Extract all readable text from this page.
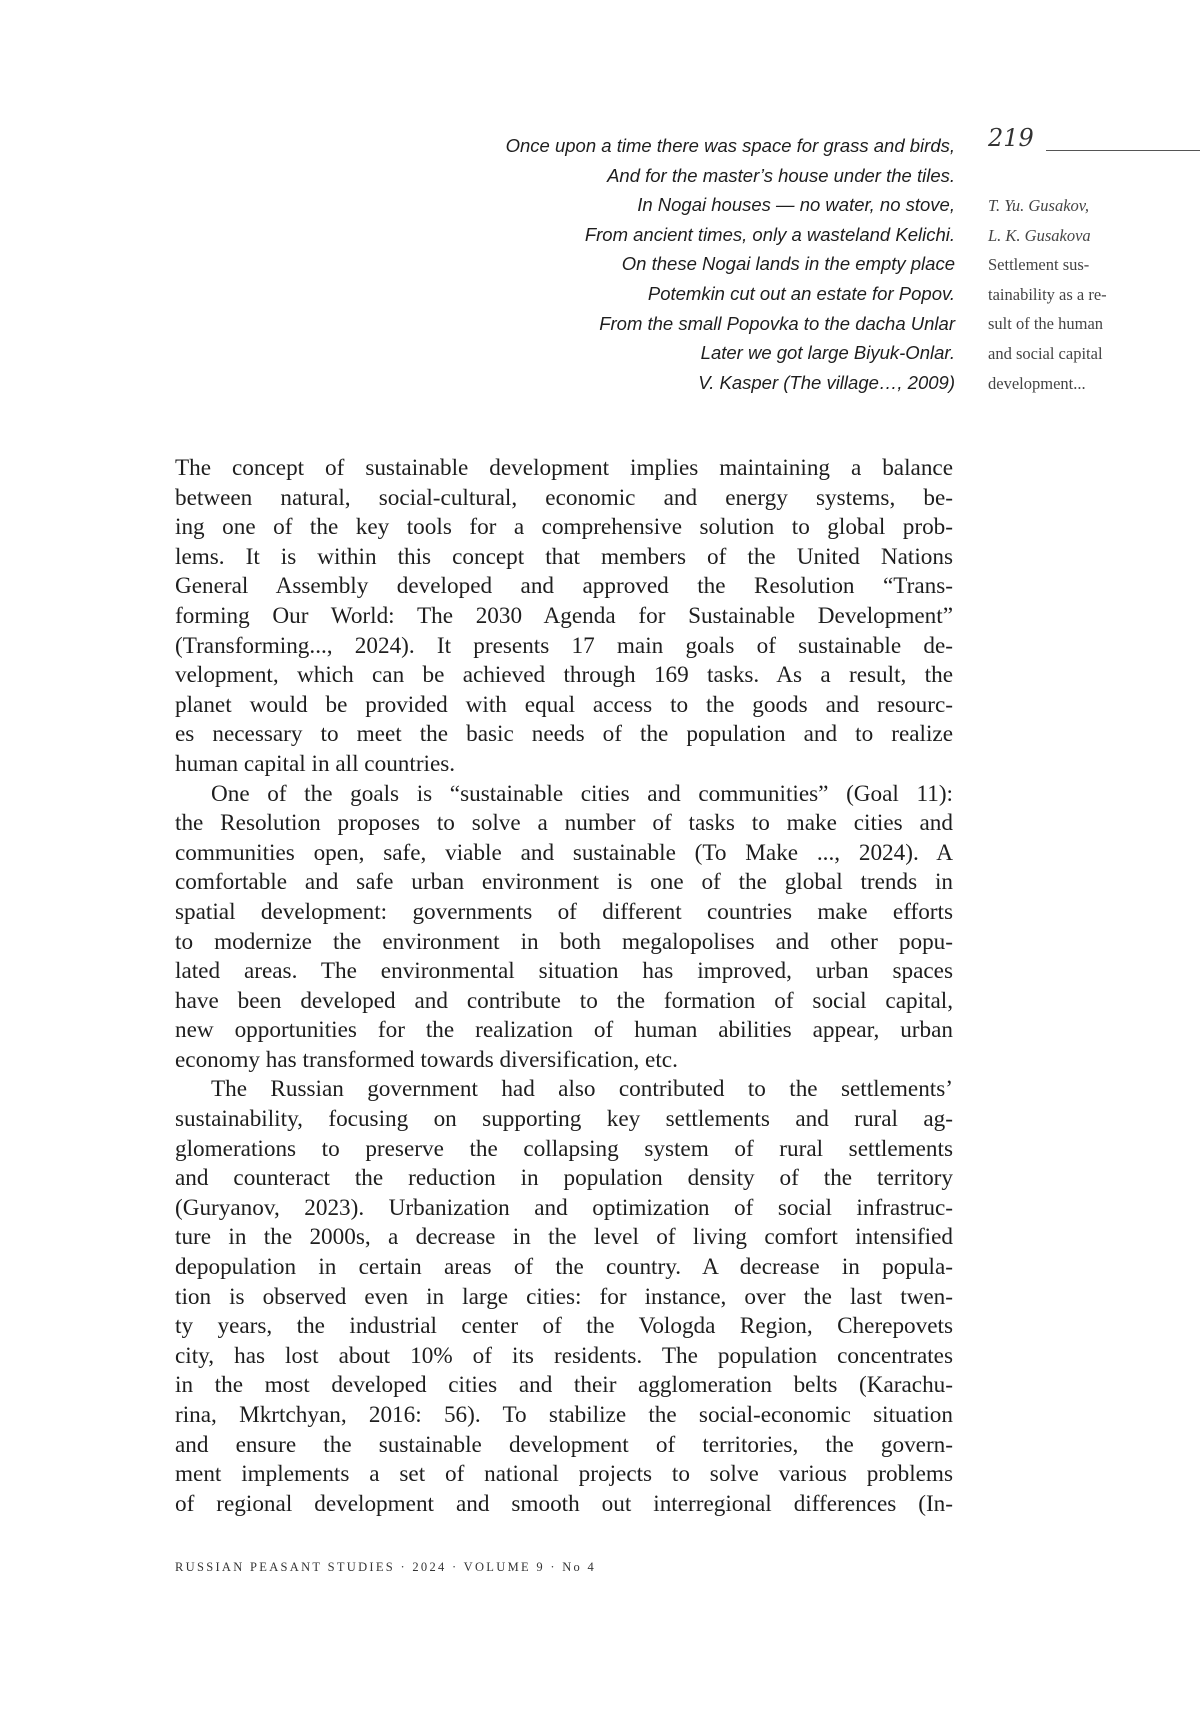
Once upon a time there was space for grass and birds,
And for the master’s house under the tiles.
In Nogai houses — no water, no stove,
From ancient times, only a wasteland Kelichi.
On these Nogai lands in the empty place
Potemkin cut out an estate for Popov.
From the small Popovka to the dacha Unlar
Later we got large Biyuk-Onlar.
V. Kasper (The village…, 2009)
219
T. Yu. Gusakov,
L. K. Gusakova
Settlement sus-
tainability as a re-
sult of the human
and social capital
development...
The concept of sustainable development implies maintaining a balance
between natural, social-cultural, economic and energy systems, be-
ing one of the key tools for a comprehensive solution to global prob-
lems. It is within this concept that members of the United Nations
General Assembly developed and approved the Resolution “Trans-
forming Our World: The 2030 Agenda for Sustainable Development”
(Transforming..., 2024). It presents 17 main goals of sustainable de-
velopment, which can be achieved through 169 tasks. As a result, the
planet would be provided with equal access to the goods and resourc-
es necessary to meet the basic needs of the population and to realize
human capital in all countries.
One of the goals is “sustainable cities and communities” (Goal 11):
the Resolution proposes to solve a number of tasks to make cities and
communities open, safe, viable and sustainable (To Make ..., 2024). A
comfortable and safe urban environment is one of the global trends in
spatial development: governments of different countries make efforts
to modernize the environment in both megalopolises and other popu-
lated areas. The environmental situation has improved, urban spaces
have been developed and contribute to the formation of social capital,
new opportunities for the realization of human abilities appear, urban
economy has transformed towards diversification, etc.
The Russian government had also contributed to the settlements’
sustainability, focusing on supporting key settlements and rural ag-
glomerations to preserve the collapsing system of rural settlements
and counteract the reduction in population density of the territory
(Guryanov, 2023). Urbanization and optimization of social infrastruc-
ture in the 2000s, a decrease in the level of living comfort intensified
depopulation in certain areas of the country. A decrease in popula-
tion is observed even in large cities: for instance, over the last twen-
ty years, the industrial center of the Vologda Region, Cherepovets
city, has lost about 10% of its residents. The population concentrates
in the most developed cities and their agglomeration belts (Karachu-
rina, Mkrtchyan, 2016: 56). To stabilize the social-economic situation
and ensure the sustainable development of territories, the govern-
ment implements a set of national projects to solve various problems
of regional development and smooth out interregional differences (In-
RUSSIAN PEASANT STUDIES · 2024 · VOLUME 9 · No 4
